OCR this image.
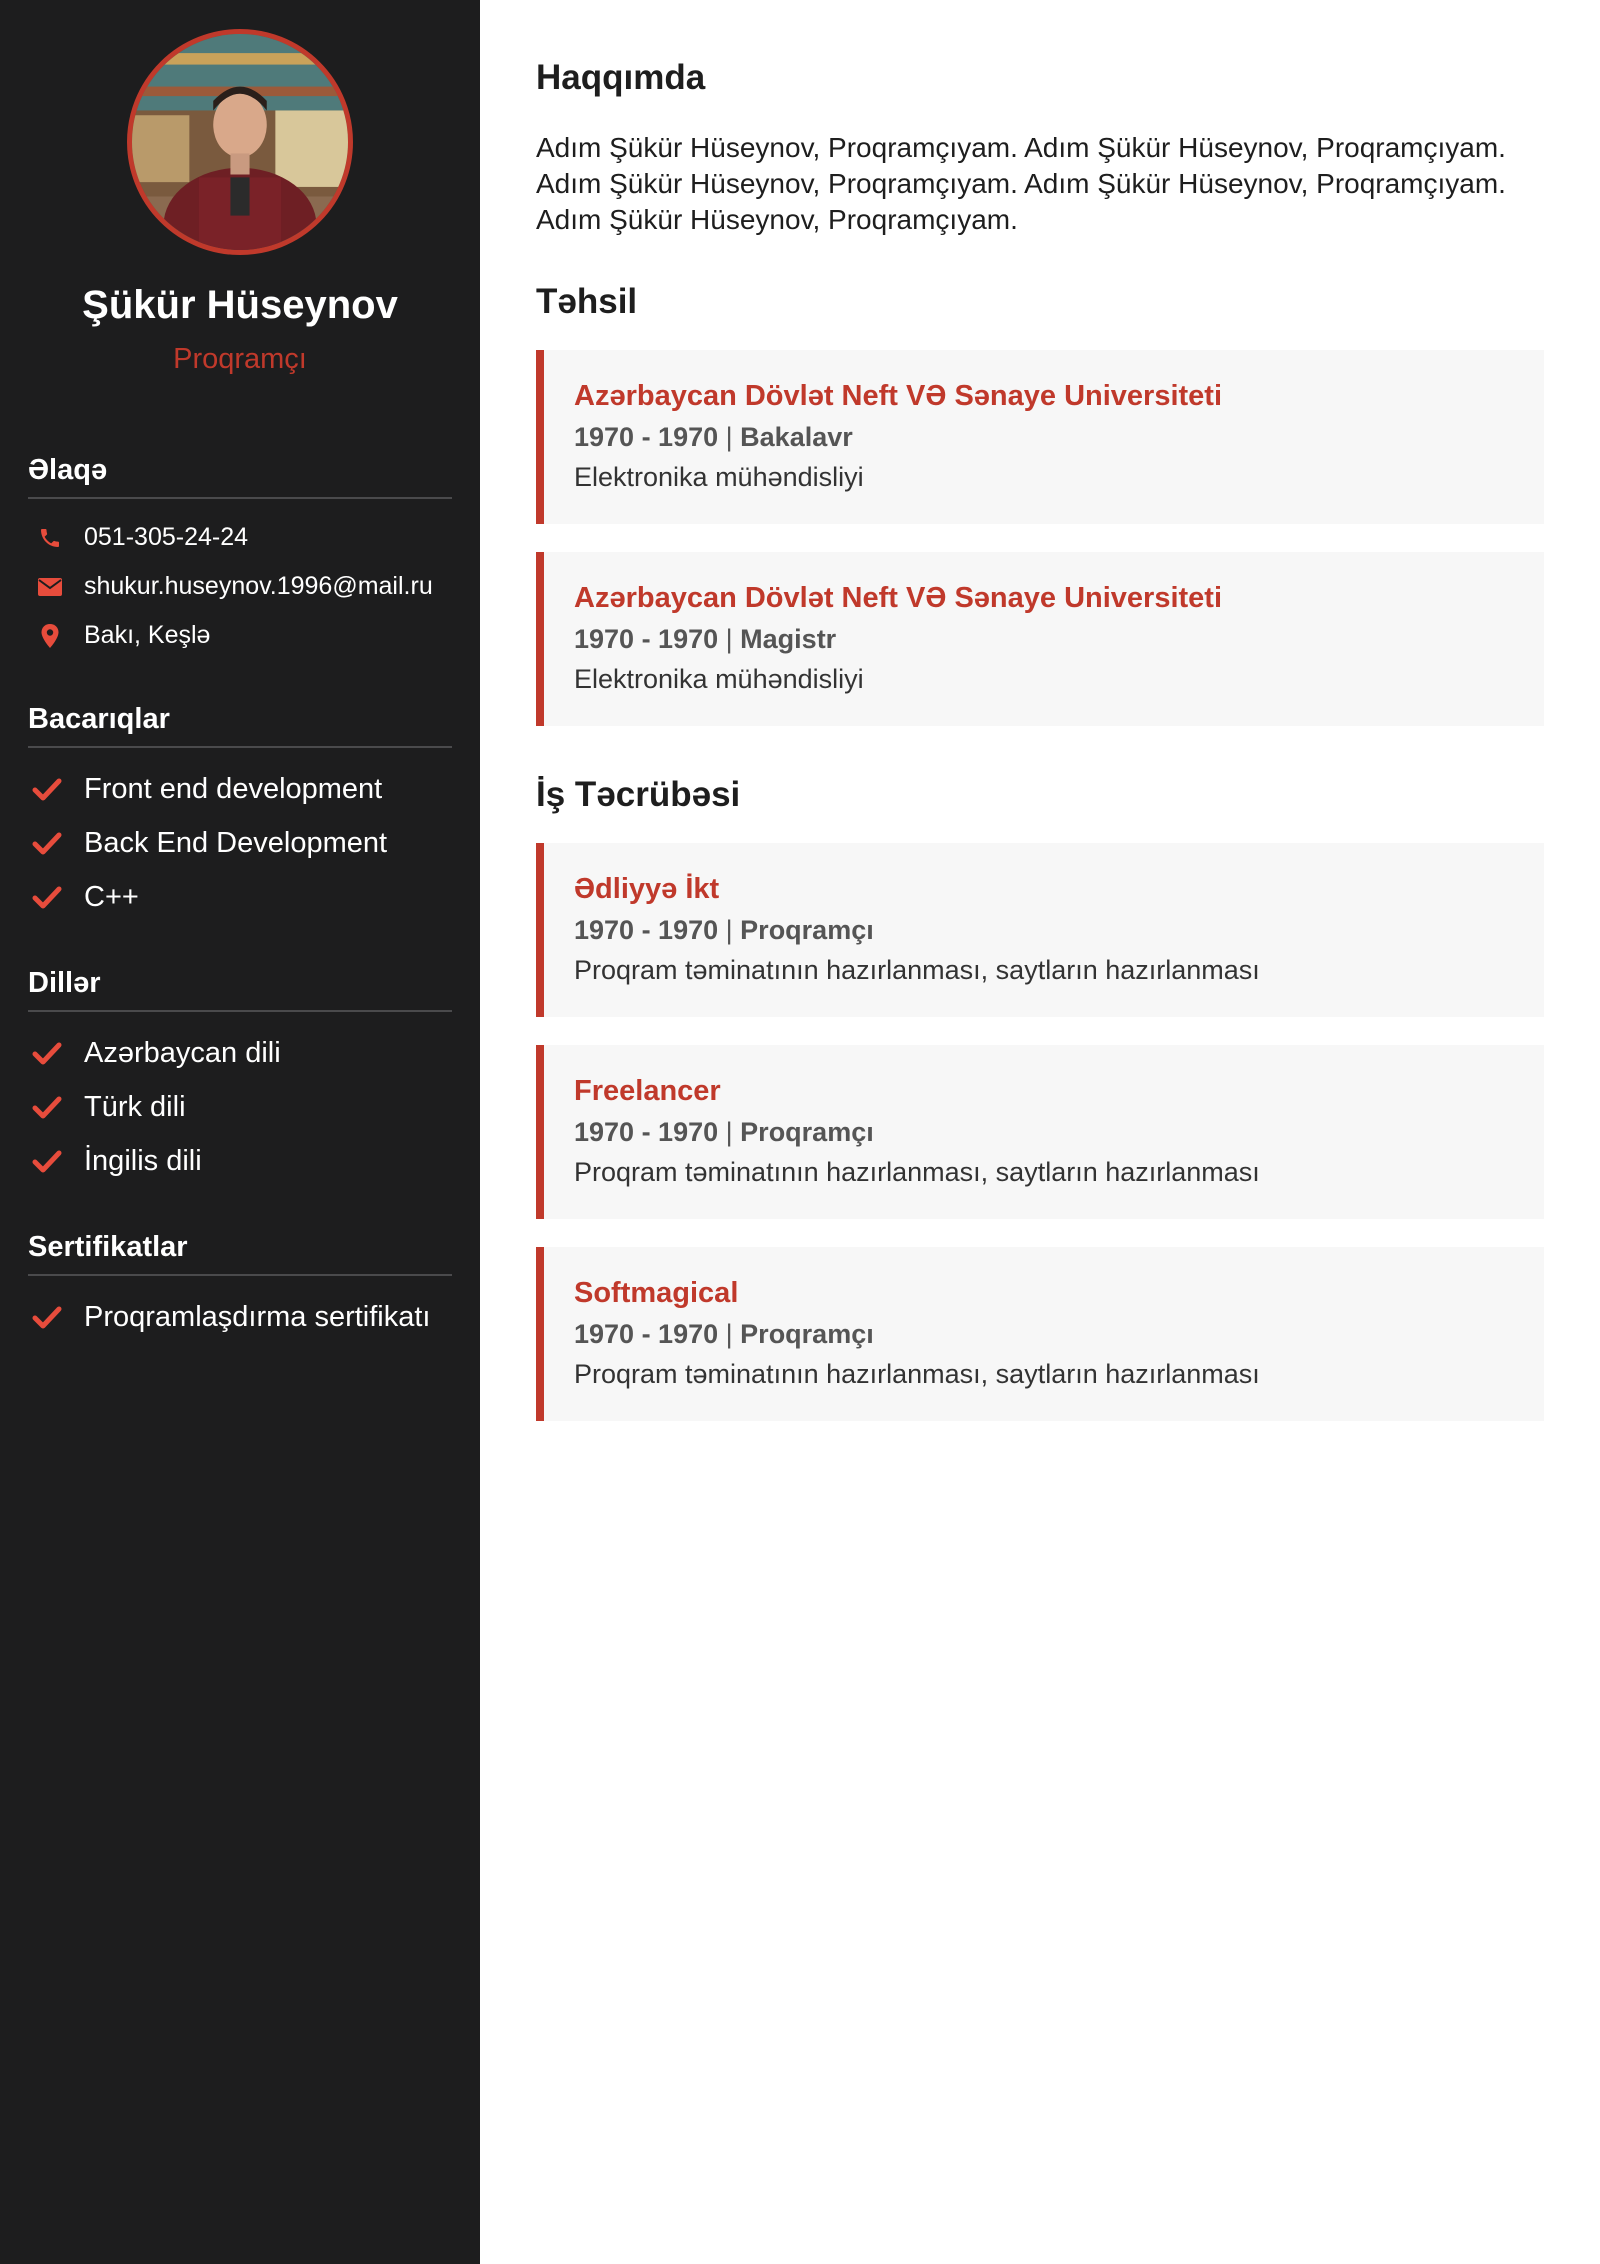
Şükür Hüseynov
Proqramçı
Əlaqə
051-305-24-24
shukur.huseynov.1996@mail.ru
Bakı, Keşlə
Bacarıqlar
Front end development
Back End Development
C++
Dillər
Azərbaycan dili
Türk dili
İngilis dili
Sertifikatlar
Proqramlaşdırma sertifikatı
Haqqımda

Adım Şükür Hüseynov, Proqramçıyam. Adım Şükür Hüseynov, Proqramçıyam. Adım Şükür Hüseynov, Proqramçıyam. Adım Şükür Hüseynov, Proqramçıyam. Adım Şükür Hüseynov, Proqramçıyam.

Təhsil
Azərbaycan Dövlət Neft VƏ Sənaye Universiteti
1970 - 1970 | Bakalavr
Elektronika mühəndisliyi
Azərbaycan Dövlət Neft VƏ Sənaye Universiteti
1970 - 1970 | Magistr
Elektronika mühəndisliyi
İş Təcrübəsi
Ədliyyə İkt
1970 - 1970 | Proqramçı
Proqram təminatının hazırlanması, saytların hazırlanması
Freelancer
1970 - 1970 | Proqramçı
Proqram təminatının hazırlanması, saytların hazırlanması
Softmagical
1970 - 1970 | Proqramçı
Proqram təminatının hazırlanması, saytların hazırlanması
